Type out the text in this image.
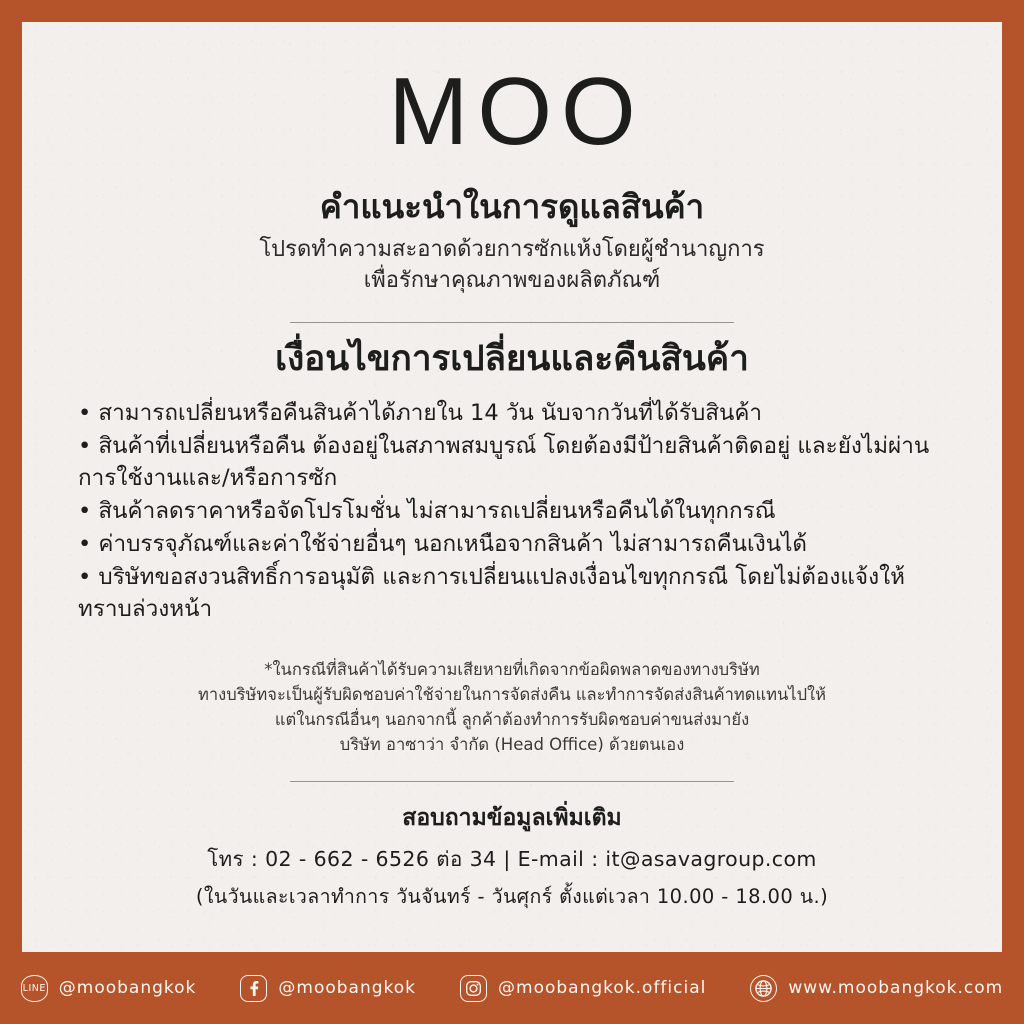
MOO
คำแนะนำในการดูแลสินค้า
โปรดทำความสะอาดด้วยการซักแห้งโดยผู้ชำนาญการ
เพื่อรักษาคุณภาพของผลิตภัณฑ์
เงื่อนไขการเปลี่ยนและคืนสินค้า

• สามารถเปลี่ยนหรือคืนสินค้าได้ภายใน 14 วัน นับจากวันที่ได้รับสินค้า

• สินค้าที่เปลี่ยนหรือคืน ต้องอยู่ในสภาพสมบูรณ์ โดยต้องมีป้ายสินค้าติดอยู่ และยังไม่ผ่านการใช้งานและ/หรือการซัก

• สินค้าลดราคาหรือจัดโปรโมชั่น ไม่สามารถเปลี่ยนหรือคืนได้ในทุกกรณี

• ค่าบรรจุภัณฑ์และค่าใช้จ่ายอื่นๆ นอกเหนือจากสินค้า ไม่สามารถคืนเงินได้

• บริษัทขอสงวนสิทธิ์การอนุมัติ และการเปลี่ยนแปลงเงื่อนไขทุกกรณี โดยไม่ต้องแจ้งให้ทราบล่วงหน้า

*ในกรณีที่สินค้าได้รับความเสียหายที่เกิดจากข้อผิดพลาดของทางบริษัท
ทางบริษัทจะเป็นผู้รับผิดชอบค่าใช้จ่ายในการจัดส่งคืน และทำการจัดส่งสินค้าทดแทนไปให้
แต่ในกรณีอื่นๆ นอกจากนี้ ลูกค้าต้องทำการรับผิดชอบค่าขนส่งมายัง
บริษัท อาซาว่า จำกัด (Head Office) ด้วยตนเอง
สอบถามข้อมูลเพิ่มเติม
โทร : 02 - 662 - 6526 ต่อ 34 | E-mail : it@asavagroup.com
(ในวันและเวลาทำการ วันจันทร์ - วันศุกร์ ตั้งแต่เวลา 10.00 - 18.00 น.)
LINE @moobangkok	@moobangkok	@moobangkok.official	www.moobangkok.com
